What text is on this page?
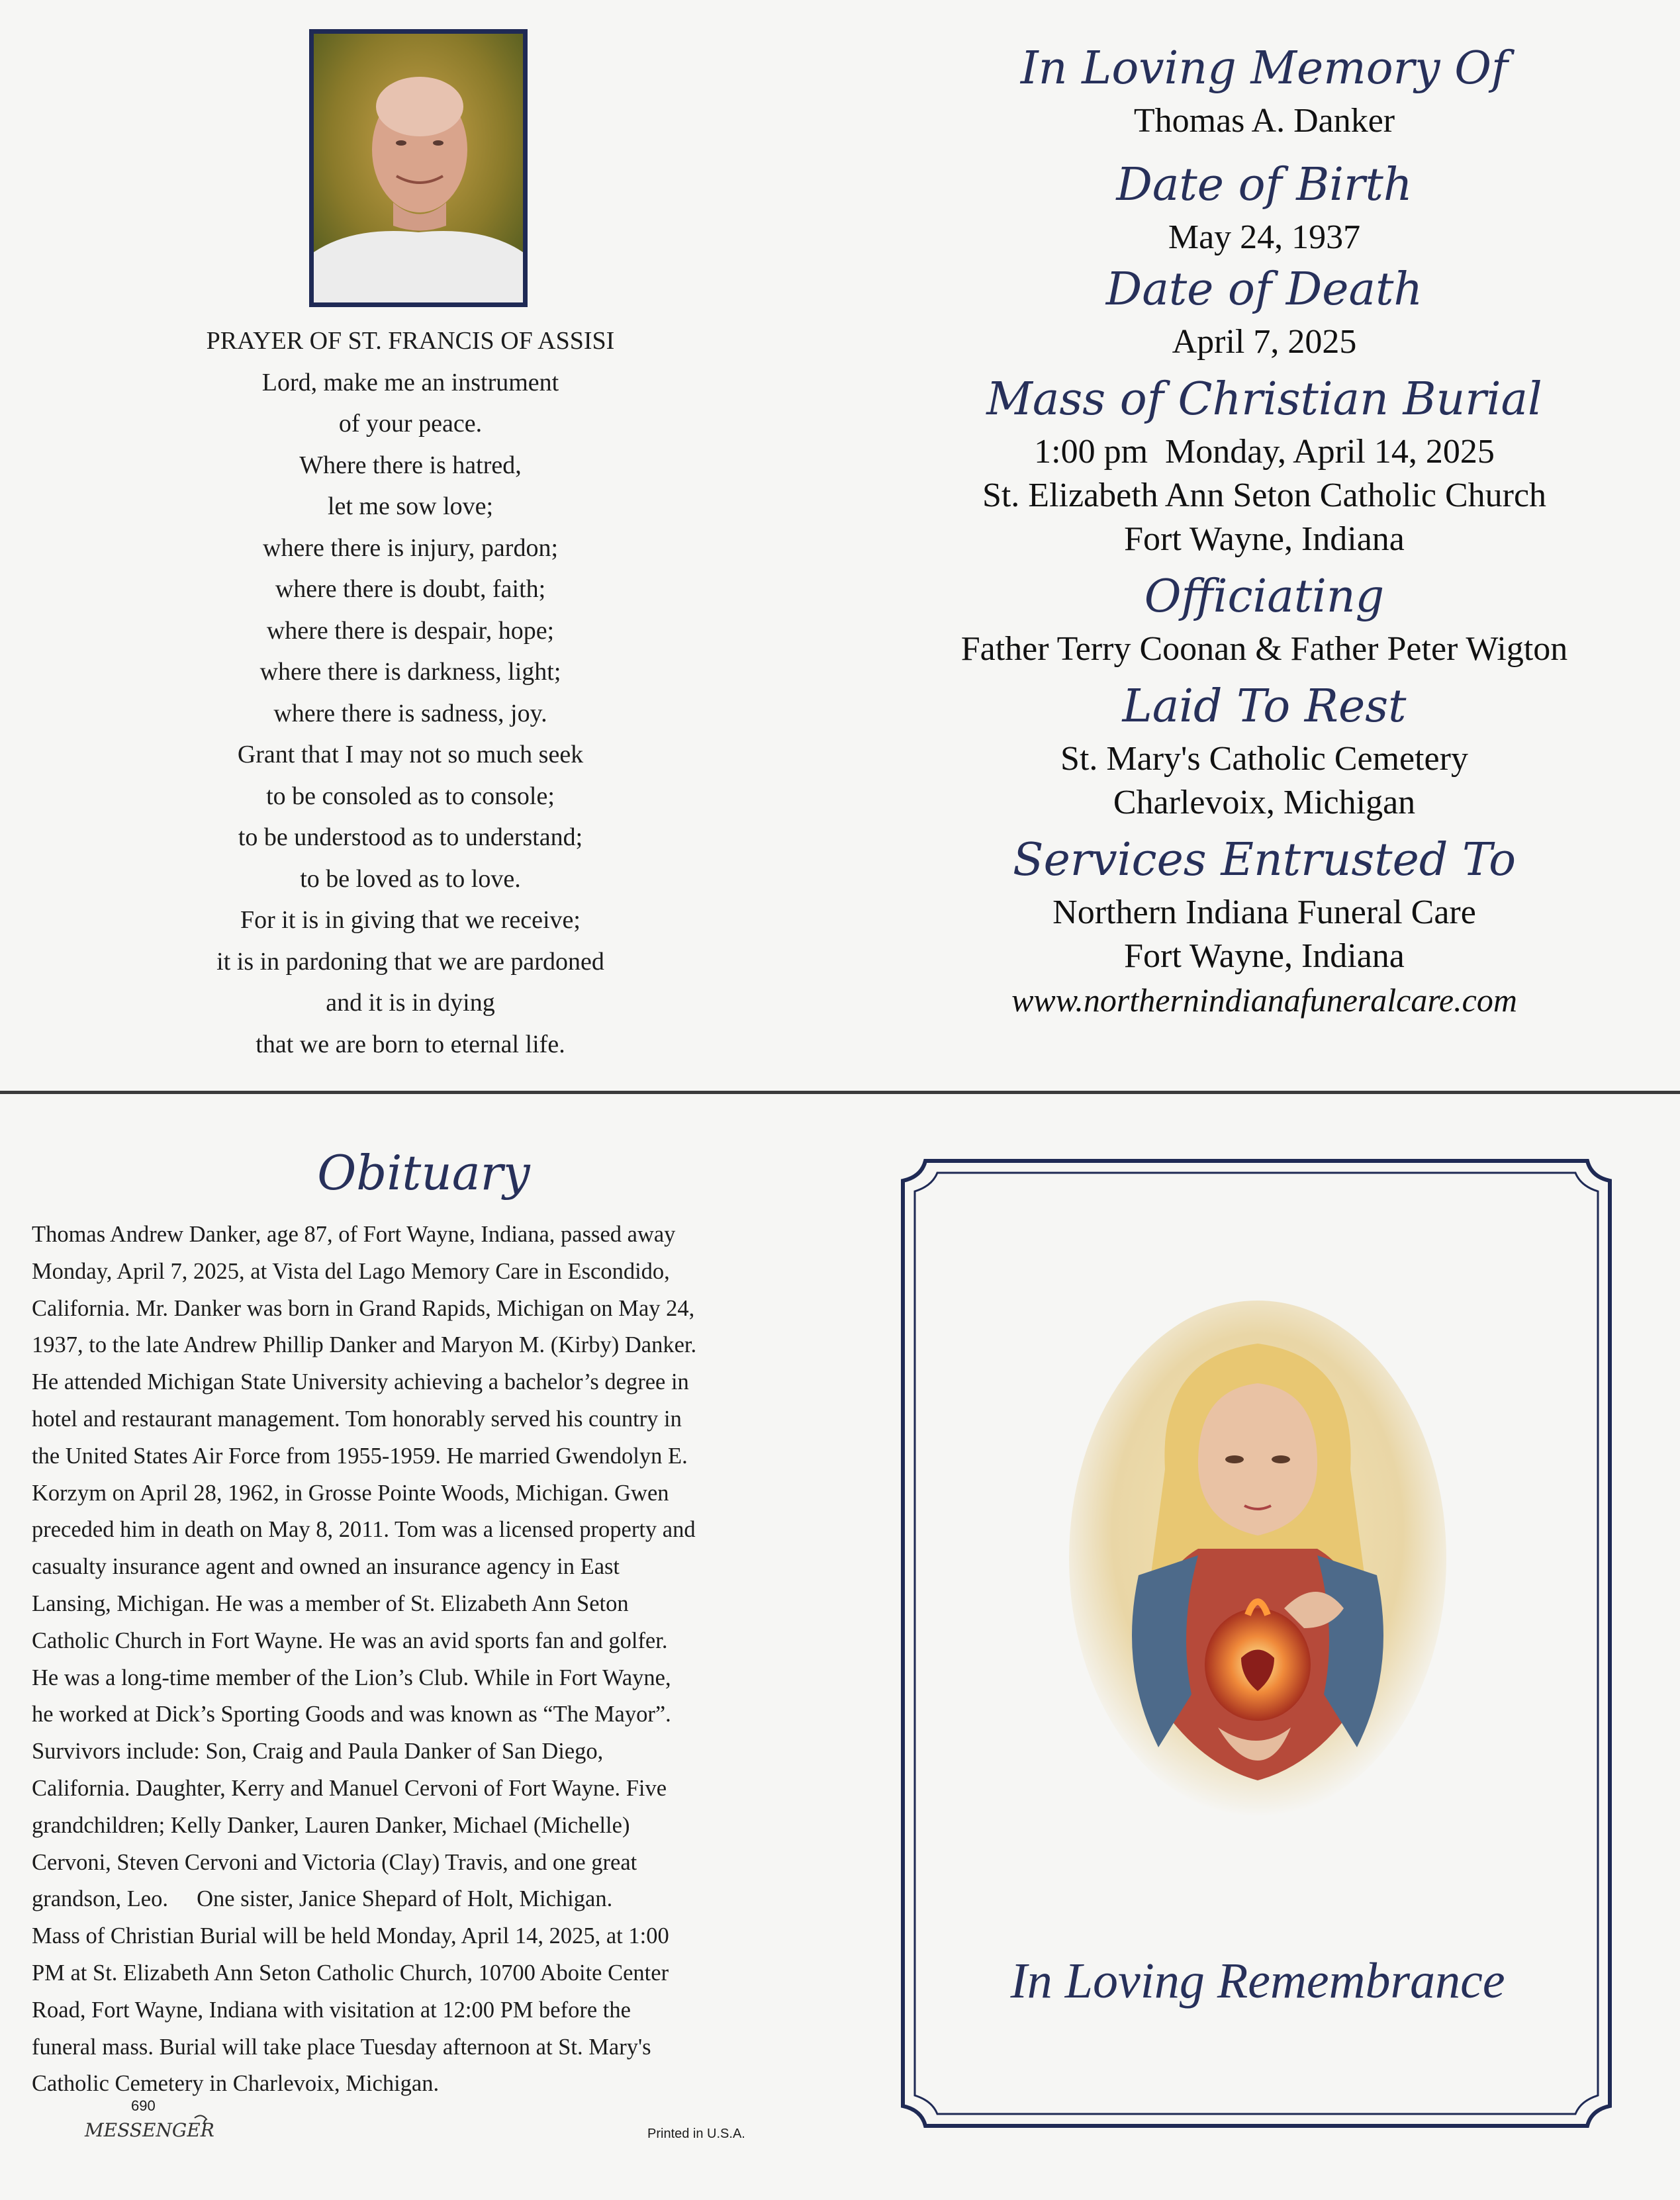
PRAYER OF ST. FRANCIS OF ASSISI
Lord, make me an instrument
of your peace.
Where there is hatred,
let me sow love;
where there is injury, pardon;
where there is doubt, faith;
where there is despair, hope;
where there is darkness, light;
where there is sadness, joy.
Grant that I may not so much seek
to be consoled as to console;
to be understood as to understand;
to be loved as to love.
For it is in giving that we receive;
it is in pardoning that we are pardoned
and it is in dying
that we are born to eternal life.
In Loving Memory Of
Thomas A. Danker
Date of Birth
May 24, 1937
Date of Death
April 7, 2025
Mass of Christian Burial
1:00 pm  Monday, April 14, 2025
St. Elizabeth Ann Seton Catholic Church
Fort Wayne, Indiana
Officiating
Father Terry Coonan & Father Peter Wigton
Laid To Rest
St. Mary's Catholic Cemetery
Charlevoix, Michigan
Services Entrusted To
Northern Indiana Funeral Care
Fort Wayne, Indiana
www.northernindianafuneralcare.com
Obituary

Thomas Andrew Danker, age 87, of Fort Wayne, Indiana, passed away

Monday, April 7, 2025, at Vista del Lago Memory Care in Escondido,

California. Mr. Danker was born in Grand Rapids, Michigan on May 24,

1937, to the late Andrew Phillip Danker and Maryon M. (Kirby) Danker.

He attended Michigan State University achieving a bachelor’s degree in

hotel and restaurant management. Tom honorably served his country in

the United States Air Force from 1955-1959. He married Gwendolyn E.

Korzym on April 28, 1962, in Grosse Pointe Woods, Michigan. Gwen

preceded him in death on May 8, 2011. Tom was a licensed property and

casualty insurance agent and owned an insurance agency in East

Lansing, Michigan. He was a member of St. Elizabeth Ann Seton

Catholic Church in Fort Wayne. He was an avid sports fan and golfer.

He was a long-time member of the Lion’s Club. While in Fort Wayne,

he worked at Dick’s Sporting Goods and was known as “The Mayor”.

Survivors include: Son, Craig and Paula Danker of San Diego,

California. Daughter, Kerry and Manuel Cervoni of Fort Wayne. Five

grandchildren; Kelly Danker, Lauren Danker, Michael (Michelle)

Cervoni, Steven Cervoni and Victoria (Clay) Travis, and one great

grandson, Leo.     One sister, Janice Shepard of Holt, Michigan.

Mass of Christian Burial will be held Monday, April 14, 2025, at 1:00

PM at St. Elizabeth Ann Seton Catholic Church, 10700 Aboite Center

Road, Fort Wayne, Indiana with visitation at 12:00 PM before the

funeral mass. Burial will take place Tuesday afternoon at St. Mary's

Catholic Cemetery in Charlevoix, Michigan.

690
MESSENGER	Printed in U.S.A.
In Loving Remembrance
